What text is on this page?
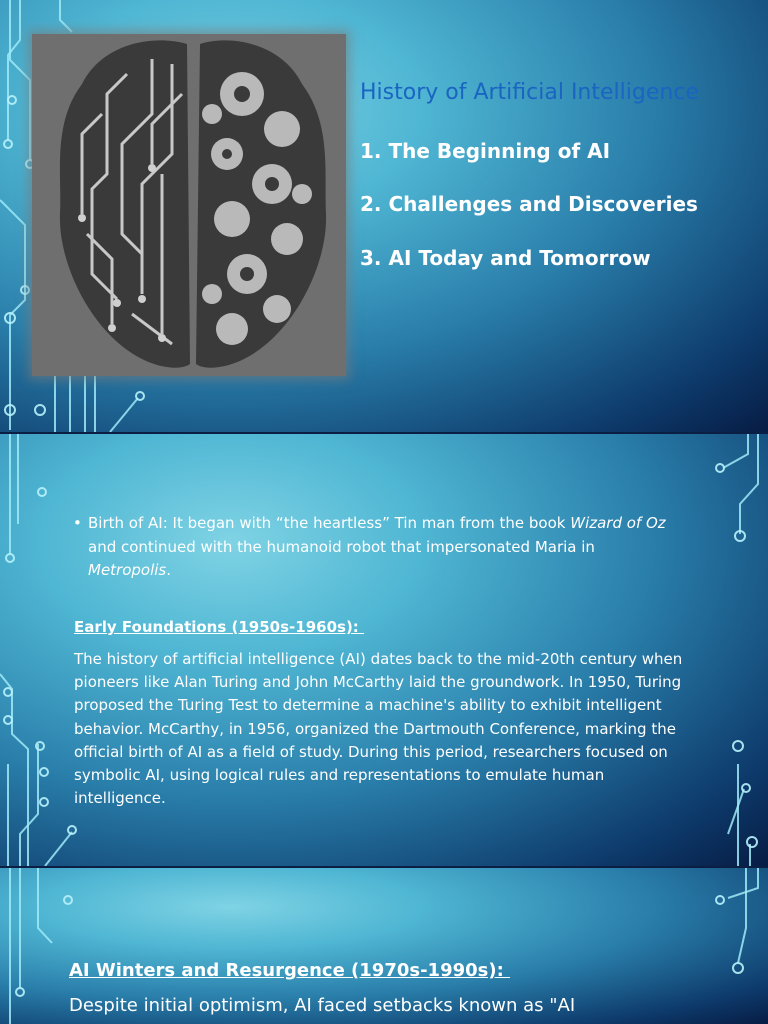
History of Artificial Intelligence
1. The Beginning of AI
2. Challenges and Discoveries
3. AI Today and Tomorrow
• Birth of AI: It began with “the heartless” Tin man from the book Wizard of Oz and continued with the humanoid robot that impersonated Maria in Metropolis.
Early Foundations (1950s-1960s):
The history of artificial intelligence (AI) dates back to the mid-20th century when pioneers like Alan Turing and John McCarthy laid the groundwork. In 1950, Turing proposed the Turing Test to determine a machine's ability to exhibit intelligent behavior. McCarthy, in 1956, organized the Dartmouth Conference, marking the official birth of AI as a field of study. During this period, researchers focused on symbolic AI, using logical rules and representations to emulate human intelligence.
AI Winters and Resurgence (1970s-1990s):
Despite initial optimism, AI faced setbacks known as "AI
